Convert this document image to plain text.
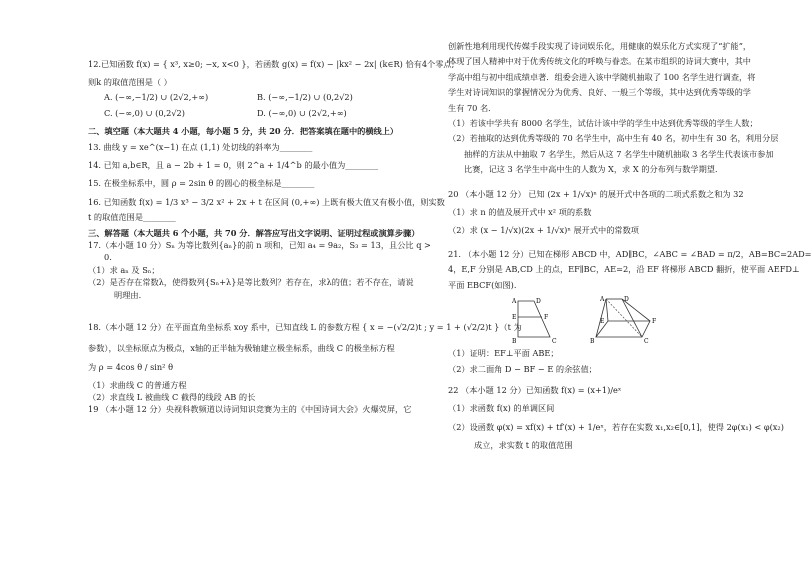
12.已知函数 f(x) = { x³, x≥0; −x, x<0 }，若函数 g(x) = f(x) − |kx² − 2x| (k∈R) 恰有4个零点,
则k 的取值范围是（ ）
A. (−∞,−1/2) ∪ (2√2,+∞)	B. (−∞,−1/2) ∪ (0,2√2)
C. (−∞,0) ∪ (0,2√2)	D. (−∞,0) ∪ (2√2,+∞)
二、填空题（本大题共 4 小题，每小题 5 分，共 20 分．把答案填在题中的横线上）
13. 曲线 y = xe^(x−1) 在点 (1,1) 处切线的斜率为________
14. 已知 a,b∈R，且 a − 2b + 1 = 0，则 2^a + 1/4^b 的最小值为________
15. 在极坐标系中，圆 ρ = 2sin θ 的圆心的极坐标是________
16. 已知函数 f(x) = 1/3 x³ − 3/2 x² + 2x + t 在区间 (0,+∞) 上既有极大值又有极小值，则实数
t 的取值范围是________
三、解答题（本大题共 6 个小题，共 70 分．解答应写出文字说明、证明过程或演算步骤）
17.（本小题 10 分）Sₙ 为等比数列{aₙ}的前 n 项和，已知 a₄ = 9a₂，S₃ = 13，且公比 q >
0.
（1）求 aₙ 及 Sₙ；
（2）是否存在常数λ，使得数列{Sₙ+λ}是等比数列？若存在，求λ的值；若不存在，请说
明理由.
18.（本小题 12 分）在平面直角坐标系 xoy 系中，已知直线 L 的参数方程 { x = −(√2/2)t ; y = 1 + (√2/2)t }（t 为
参数），以坐标原点为极点，x轴的正半轴为极轴建立极坐标系，曲线 C 的极坐标方程
为 ρ = 4cos θ / sin² θ
（1）求曲线 C 的普通方程
（2）求直线 L 被曲线 C 截得的线段 AB 的长
19 （本小题 12 分）央视科教频道以诗词知识竞赛为主的《中国诗词大会》火爆荧屏，它
创新性地利用现代传媒手段实现了诗词娱乐化，用健康的娱乐化方式实现了“扩能”，
体现了国人精神中对于优秀传统文化的呼唤与眷恋。在某市组织的诗词大赛中，其中
学高中组与初中组成绩卓著．组委会进入该中学随机抽取了 100 名学生进行调查，将
学生对诗词知识的掌握情况分为优秀、良好、一般三个等级，其中达到优秀等级的学
生有 70 名．
（1）若该中学共有 8000 名学生，试估计该中学的学生中达到优秀等级的学生人数；
（2）若抽取的达到优秀等级的 70 名学生中，高中生有 40 名，初中生有 30 名，利用分层
抽样的方法从中抽取 7 名学生，然后从这 7 名学生中随机抽取 3 名学生代表该市参加
比赛，记这 3 名学生中高中生的人数为 X，求 X 的分布列与数学期望．
20 （本小题 12 分） 已知 (2x + 1/√x)ⁿ 的展开式中各项的二项式系数之和为 32
（1）求 n 的值及展开式中 x² 项的系数
（2）求 (x − 1/√x)(2x + 1/√x)ⁿ 展开式中的常数项
21. （本小题 12 分）已知在梯形 ABCD 中，AD∥BC，∠ABC = ∠BAD = π/2，AB=BC=2AD=
4，E,F 分别是 AB,CD 上的点，EF∥BC，AE=2，沿 EF 将梯形 ABCD 翻折，使平面 AEFD⊥
平面 EBCF(如图).
A	D
E	F
B	C
A	D
E	F
B	C
（1）证明：EF⊥平面 ABE；
（2）求二面角 D − BF − E 的余弦值；
22 （本小题 12 分）已知函数 f(x) = (x+1)/eˣ
（1）求函数 f(x) 的单调区间
（2）设函数 φ(x) = xf(x) + tf′(x) + 1/eˣ，若存在实数 x₁,x₂∈[0,1]，使得 2φ(x₁) < φ(x₂)
成立，求实数 t 的取值范围
